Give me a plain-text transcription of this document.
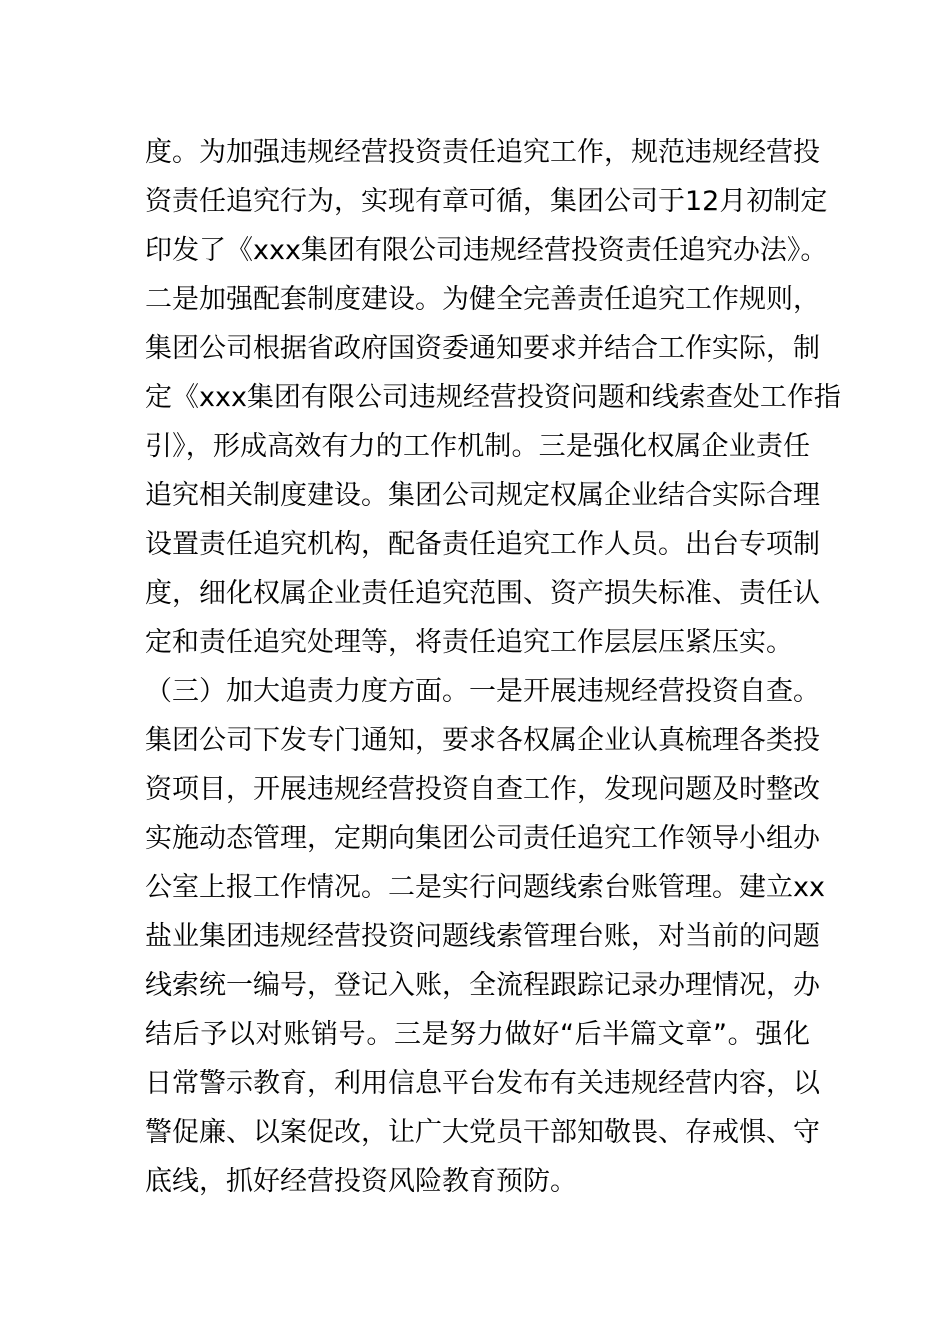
度。为加强违规经营投资责任追究工作，规范违规经营投
资责任追究行为，实现有章可循，集团公司于12月初制定
印发了《xxx集团有限公司违规经营投资责任追究办法》。
二是加强配套制度建设。为健全完善责任追究工作规则，
集团公司根据省政府国资委通知要求并结合工作实际，制
定《xxx集团有限公司违规经营投资问题和线索查处工作指
引》，形成高效有力的工作机制。三是强化权属企业责任
追究相关制度建设。集团公司规定权属企业结合实际合理
设置责任追究机构，配备责任追究工作人员。出台专项制
度，细化权属企业责任追究范围、资产损失标准、责任认
定和责任追究处理等，将责任追究工作层层压紧压实。
（三）加大追责力度方面。一是开展违规经营投资自查。
集团公司下发专门通知，要求各权属企业认真梳理各类投
资项目，开展违规经营投资自查工作，发现问题及时整改
实施动态管理，定期向集团公司责任追究工作领导小组办
公室上报工作情况。二是实行问题线索台账管理。建立xx
盐业集团违规经营投资问题线索管理台账，对当前的问题
线索统一编号，登记入账，全流程跟踪记录办理情况，办
结后予以对账销号。三是努力做好“后半篇文章”。强化
日常警示教育，利用信息平台发布有关违规经营内容，以
警促廉、以案促改，让广大党员干部知敬畏、存戒惧、守
底线，抓好经营投资风险教育预防。
